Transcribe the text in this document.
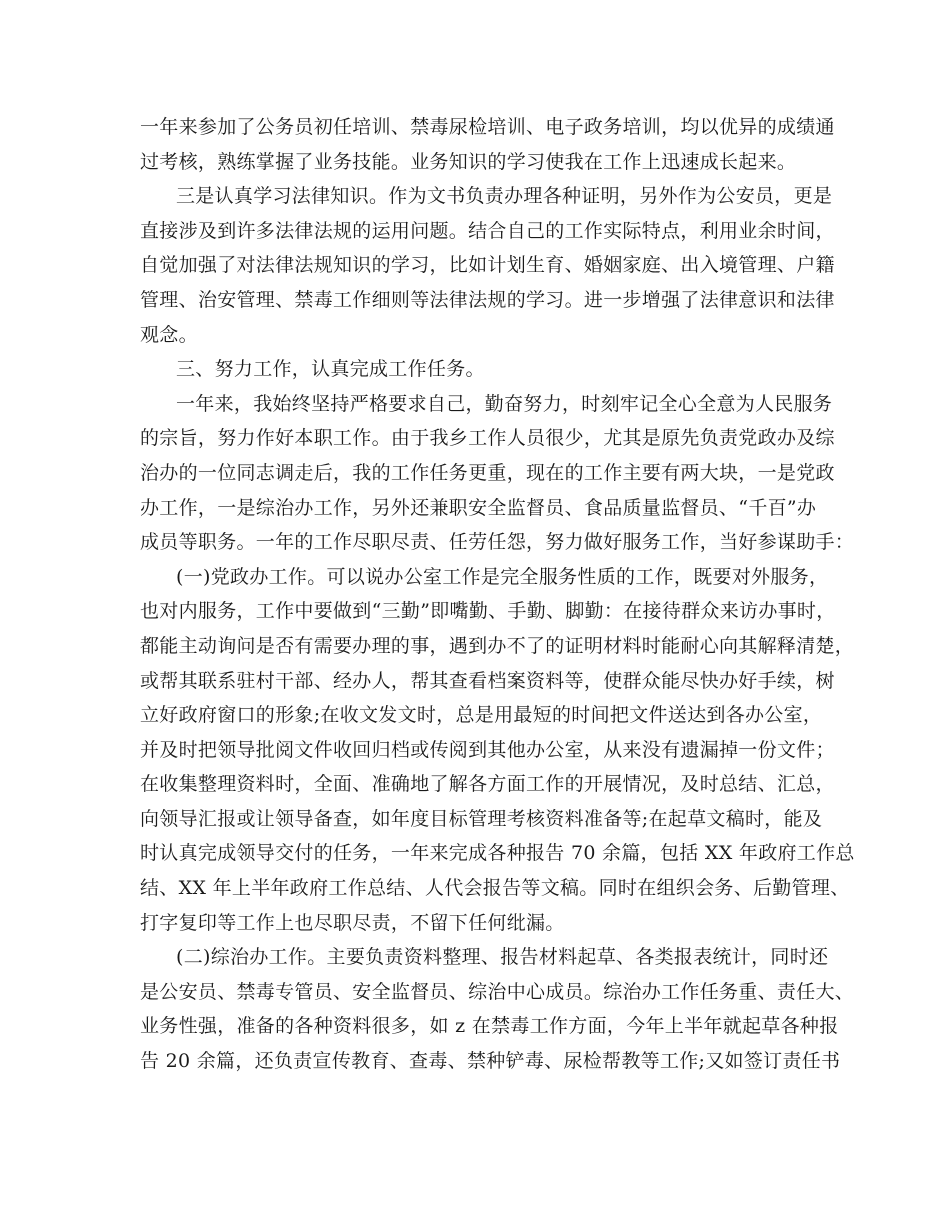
一年来参加了公务员初任培训、禁毒尿检培训、电子政务培训，均以优异的成绩通
过考核，熟练掌握了业务技能。业务知识的学习使我在工作上迅速成长起来。
三是认真学习法律知识。作为文书负责办理各种证明，另外作为公安员，更是
直接涉及到许多法律法规的运用问题。结合自己的工作实际特点，利用业余时间，
自觉加强了对法律法规知识的学习，比如计划生育、婚姻家庭、出入境管理、户籍
管理、治安管理、禁毒工作细则等法律法规的学习。进一步增强了法律意识和法律
观念。
三、努力工作，认真完成工作任务。
一年来，我始终坚持严格要求自己，勤奋努力，时刻牢记全心全意为人民服务
的宗旨，努力作好本职工作。由于我乡工作人员很少，尤其是原先负责党政办及综
治办的一位同志调走后，我的工作任务更重，现在的工作主要有两大块，一是党政
办工作，一是综治办工作，另外还兼职安全监督员、食品质量监督员、“千百”办
成员等职务。一年的工作尽职尽责、任劳任怨，努力做好服务工作，当好参谋助手：
(一)党政办工作。可以说办公室工作是完全服务性质的工作，既要对外服务，
也对内服务，工作中要做到“三勤”即嘴勤、手勤、脚勤：在接待群众来访办事时，
都能主动询问是否有需要办理的事，遇到办不了的证明材料时能耐心向其解释清楚，
或帮其联系驻村干部、经办人，帮其查看档案资料等，使群众能尽快办好手续，树
立好政府窗口的形象;在收文发文时，总是用最短的时间把文件送达到各办公室，
并及时把领导批阅文件收回归档或传阅到其他办公室，从来没有遗漏掉一份文件；
在收集整理资料时，全面、准确地了解各方面工作的开展情况，及时总结、汇总，
向领导汇报或让领导备查，如年度目标管理考核资料准备等;在起草文稿时，能及
时认真完成领导交付的任务，一年来完成各种报告 70 余篇，包括 XX 年政府工作总
结、XX 年上半年政府工作总结、人代会报告等文稿。同时在组织会务、后勤管理、
打字复印等工作上也尽职尽责，不留下任何纰漏。
(二)综治办工作。主要负责资料整理、报告材料起草、各类报表统计，同时还
是公安员、禁毒专管员、安全监督员、综治中心成员。综治办工作任务重、责任大、
业务性强，准备的各种资料很多，如 z 在禁毒工作方面，今年上半年就起草各种报
告 20 余篇，还负责宣传教育、查毒、禁种铲毒、尿检帮教等工作;又如签订责任书
